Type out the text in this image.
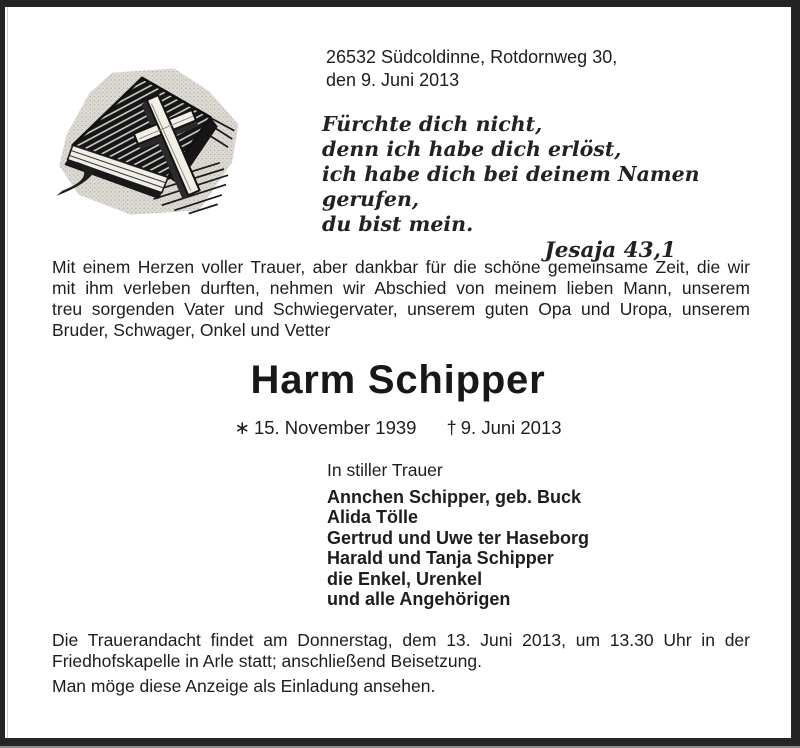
26532 Südcoldinne, Rotdornweg 30,
den 9. Juni 2013
Fürchte dich nicht,
denn ich habe dich erlöst,
ich habe dich bei deinem Namen gerufen,
du bist mein.
Jesaja 43,1
Mit einem Herzen voller Trauer, aber dankbar für die schöne gemeinsame Zeit, die wir
mit ihm verleben durften, nehmen wir Abschied von meinem lieben Mann, unserem
treu sorgenden Vater und Schwiegervater, unserem guten Opa und Uropa, unserem
Bruder, Schwager, Onkel und Vetter
Harm Schipper
∗ 15. November 1939 † 9. Juni 2013
In stiller Trauer
Annchen Schipper, geb. Buck
Alida Tölle
Gertrud und Uwe ter Haseborg
Harald und Tanja Schipper
die Enkel, Urenkel
und alle Angehörigen
Die Trauerandacht findet am Donnerstag, dem 13. Juni 2013, um 13.30 Uhr in der
Friedhofskapelle in Arle statt; anschließend Beisetzung.
Man möge diese Anzeige als Einladung ansehen.
